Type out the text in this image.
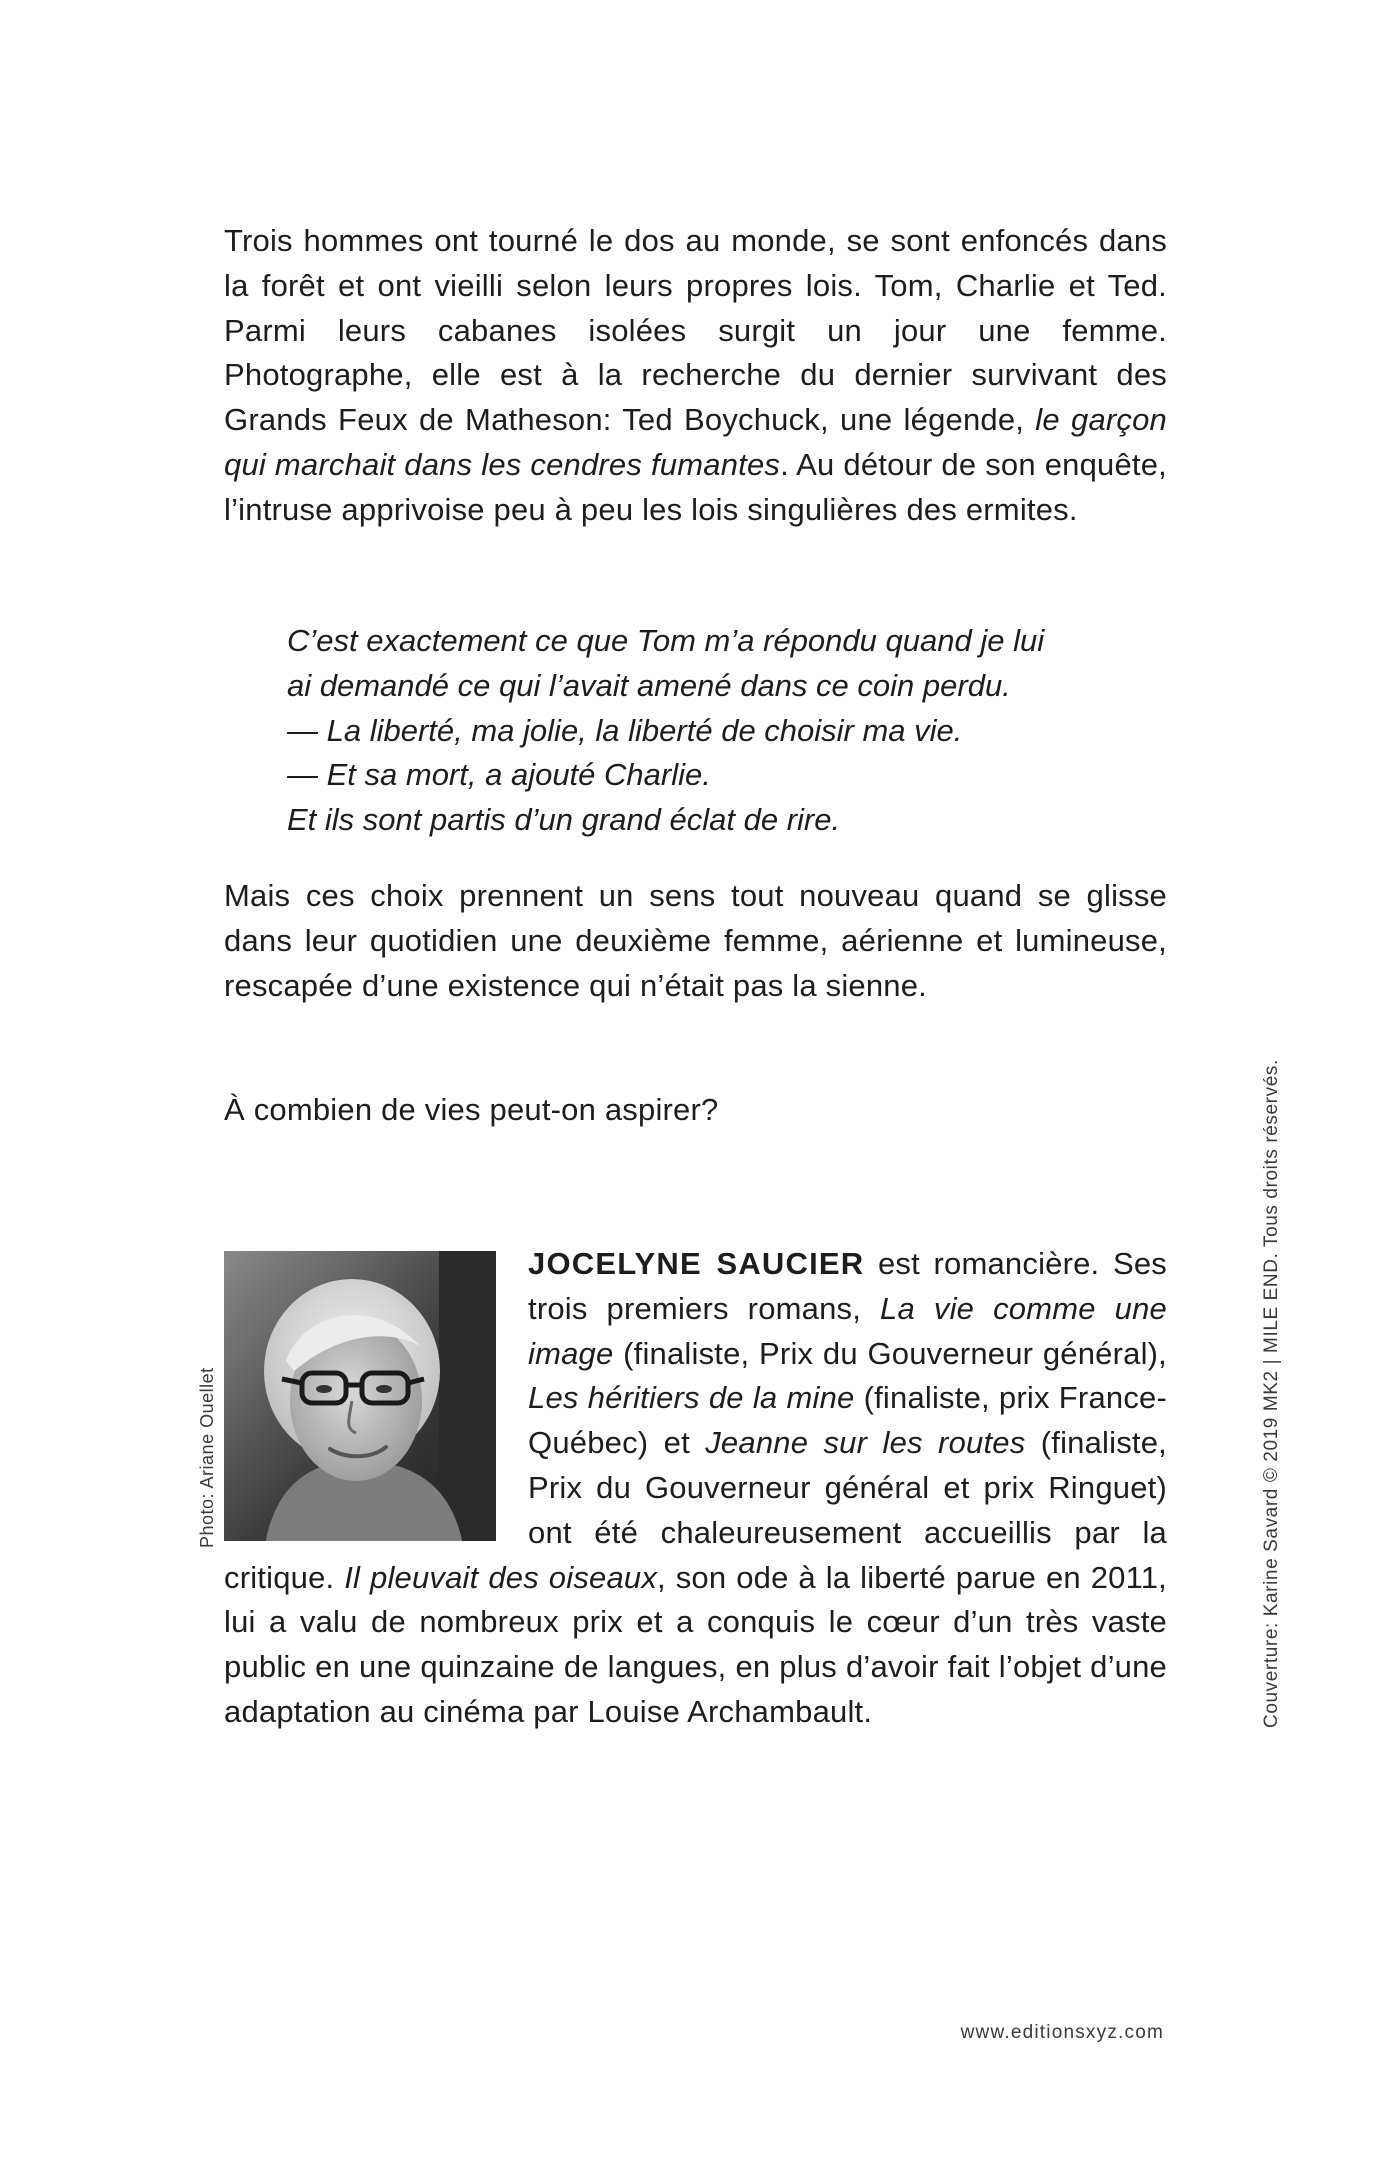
Trois hommes ont tourné le dos au monde, se sont enfoncés dans la forêt et ont vieilli selon leurs propres lois. Tom, Charlie et Ted. Parmi leurs cabanes isolées surgit un jour une femme. Photographe, elle est à la recherche du dernier survivant des Grands Feux de Matheson: Ted Boychuck, une légende, le garçon qui marchait dans les cendres fumantes. Au détour de son enquête, l’intruse apprivoise peu à peu les lois singulières des ermites.

C’est exactement ce que Tom m’a répondu quand je lui
ai demandé ce qui l’avait amené dans ce coin perdu.
— La liberté, ma jolie, la liberté de choisir ma vie.
— Et sa mort, a ajouté Charlie.
Et ils sont partis d’un grand éclat de rire.

Mais ces choix prennent un sens tout nouveau quand se glisse dans leur quotidien une deuxième femme, aérienne et lumineuse, rescapée d’une existence qui n’était pas la sienne.

À combien de vies peut-on aspirer?

JOCELYNE SAUCIER est romancière. Ses trois premiers romans, La vie comme une image (finaliste, Prix du Gouverneur général), Les héritiers de la mine (finaliste, prix France-Québec) et Jeanne sur les routes (finaliste, Prix du Gouverneur général et prix Ringuet) ont été chaleureusement accueillis par la critique. Il pleuvait des oiseaux, son ode à la liberté parue en 2011, lui a valu de nombreux prix et a conquis le cœur d’un très vaste public en une quinzaine de langues, en plus d’avoir fait l’objet d’une adaptation au cinéma par Louise Archambault.

Photo: Ariane Ouellet	Couverture: Karine Savard © 2019 MK2 | MILE END. Tous droits réservés.
www.editionsxyz.com
